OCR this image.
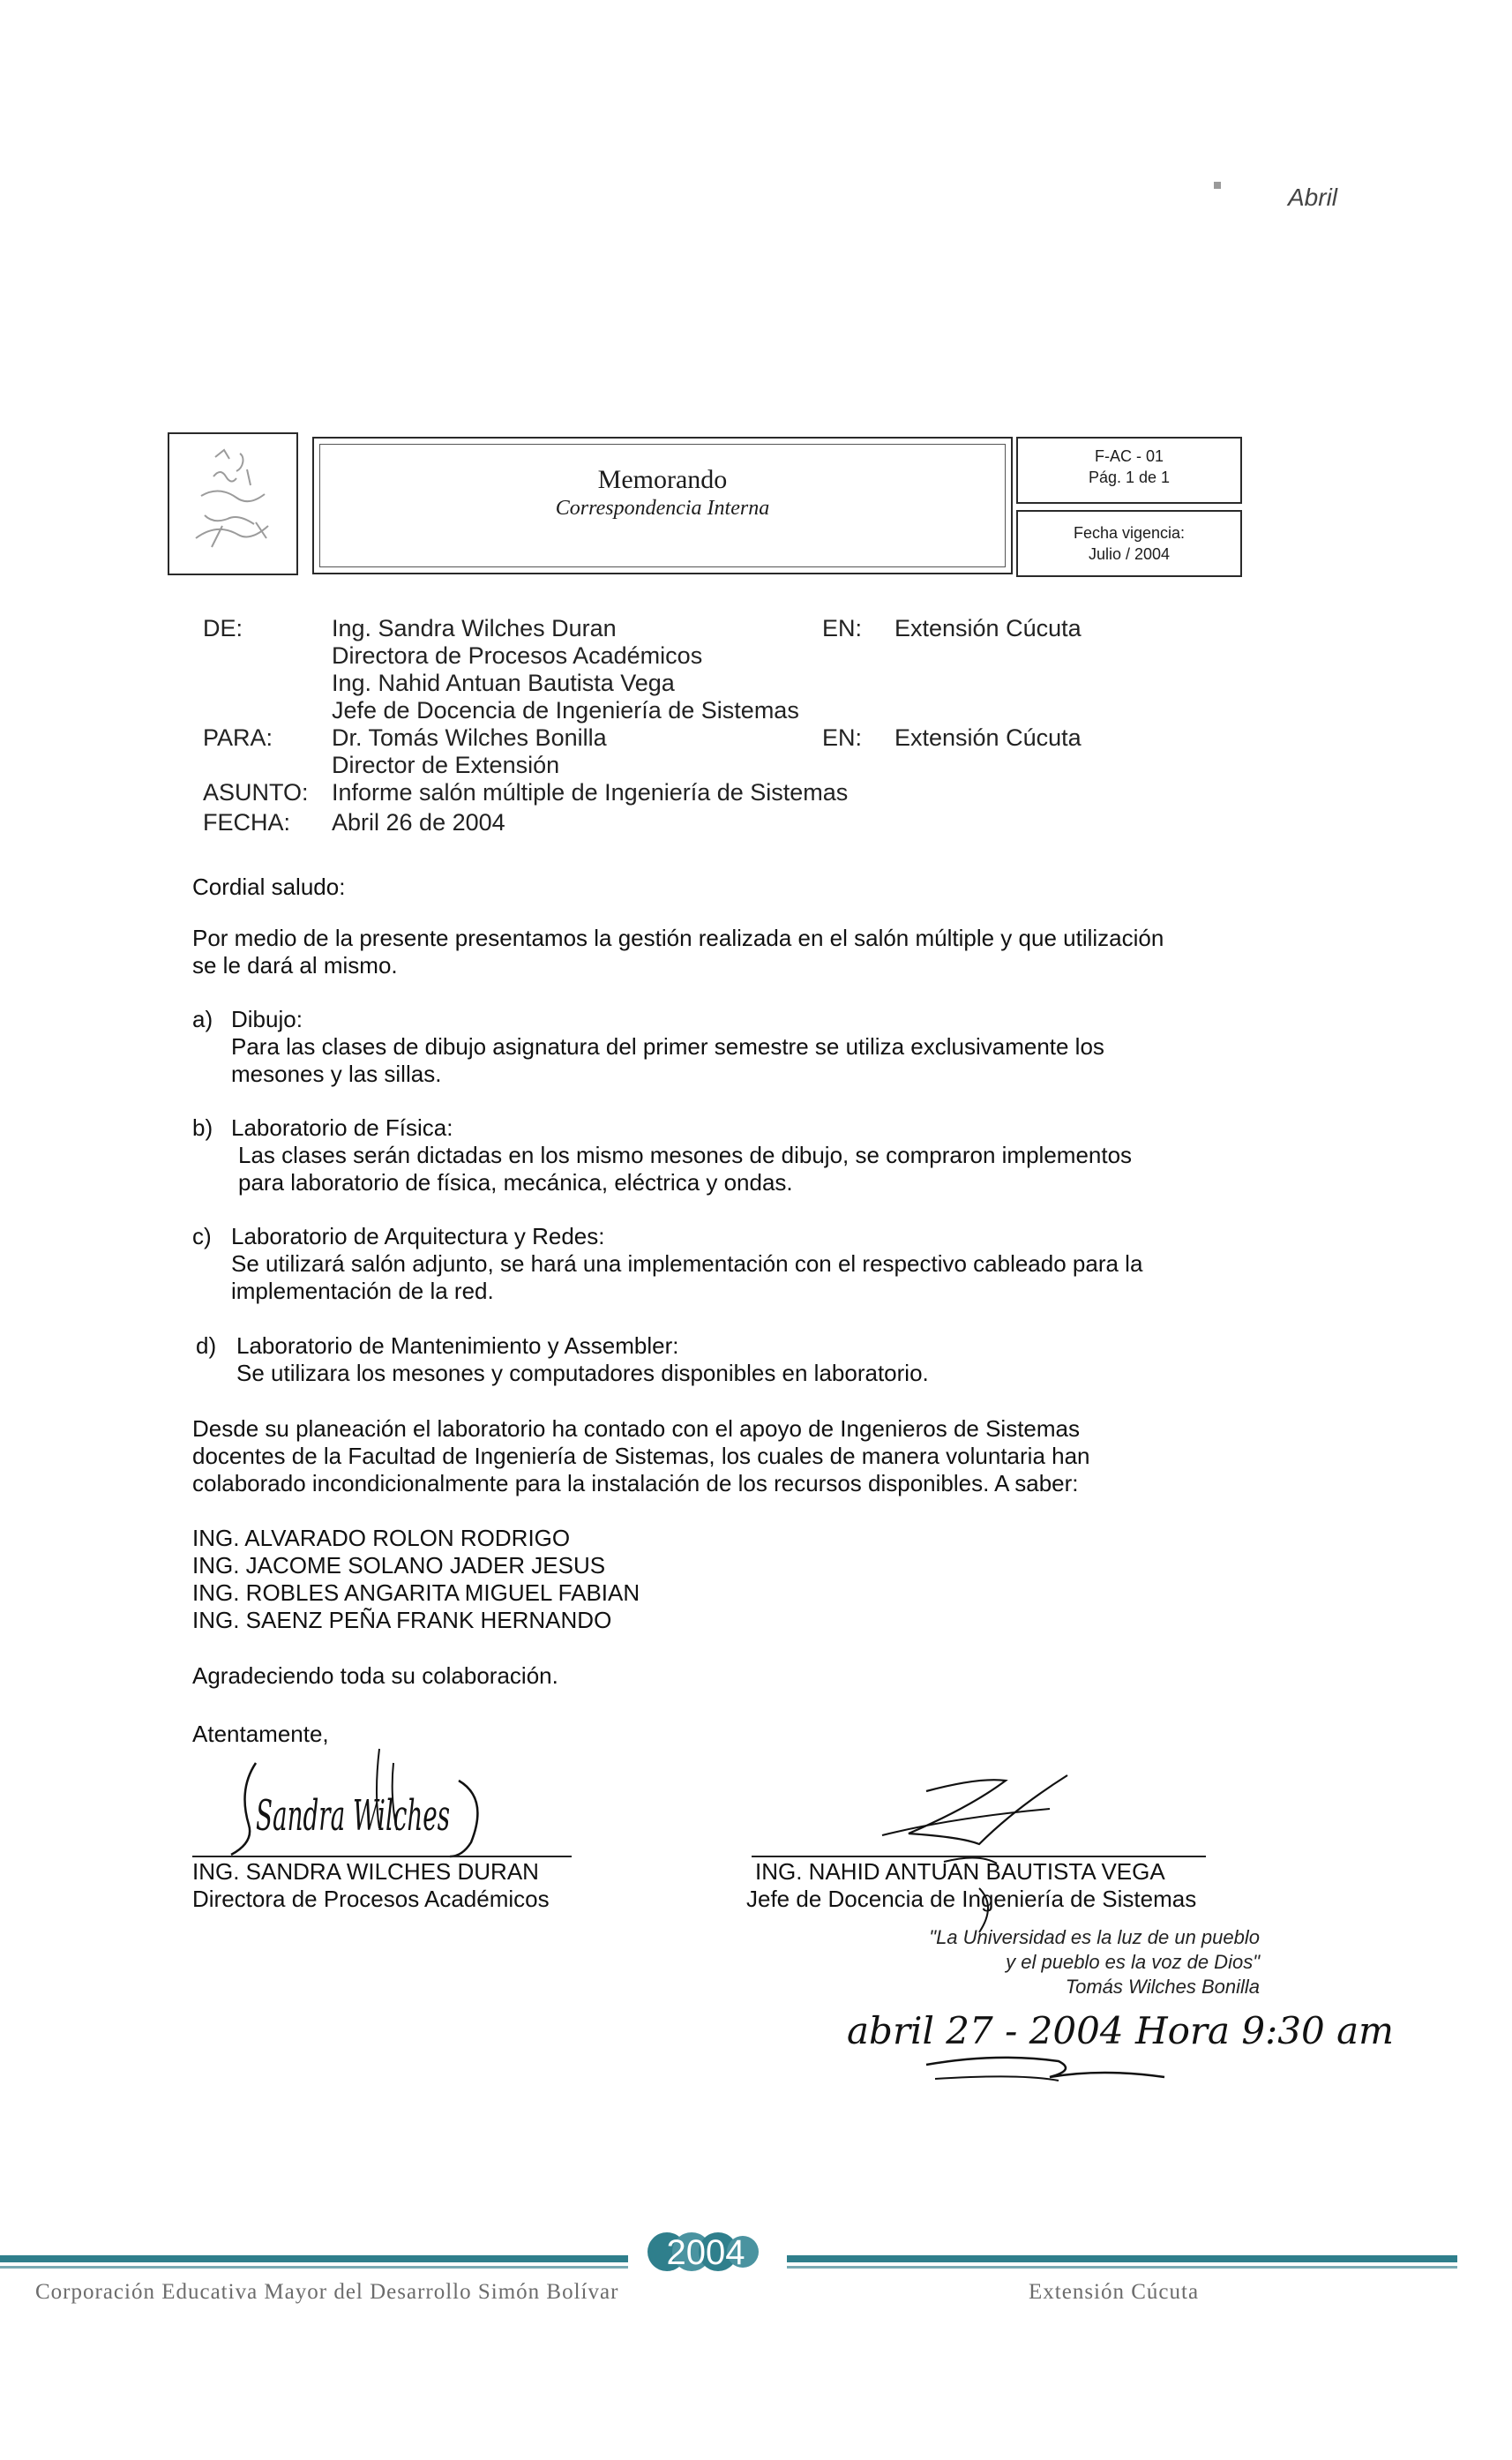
Abril
Memorando
Correspondencia Interna
F-AC - 01
Pág. 1 de 1
Fecha vigencia:
Julio / 2004
DE:	Ing. Sandra Wilches Duran
Directora de Procesos Académicos
Ing. Nahid Antuan Bautista Vega
Jefe de Docencia de Ingeniería de Sistemas
EN: Extensión Cúcuta
PARA: Dr. Tomás Wilches Bonilla
Director de Extensión
EN: Extensión Cúcuta
ASUNTO: Informe salón múltiple de Ingeniería de Sistemas
FECHA: Abril 26 de 2004
Cordial saludo:
Por medio de la presente presentamos la gestión realizada en el salón múltiple y que utilización
se le dará al mismo.
a) Dibujo:
Para las clases de dibujo asignatura del primer semestre se utiliza exclusivamente los
mesones y las sillas.
b) Laboratorio de Física:
Las clases serán dictadas en los mismo mesones de dibujo, se compraron implementos
para laboratorio de física, mecánica, eléctrica y ondas.
c) Laboratorio de Arquitectura y Redes:
Se utilizará salón adjunto, se hará una implementación con el respectivo cableado para la
implementación de la red.
d) Laboratorio de Mantenimiento y Assembler:
Se utilizara los mesones y computadores disponibles en laboratorio.
Desde su planeación el laboratorio ha contado con el apoyo de Ingenieros de Sistemas
docentes de la Facultad de Ingeniería de Sistemas, los cuales de manera voluntaria han
colaborado incondicionalmente para la instalación de los recursos disponibles. A saber:
ING. ALVARADO ROLON RODRIGO
ING. JACOME SOLANO JADER JESUS
ING. ROBLES ANGARITA MIGUEL FABIAN
ING. SAENZ PEÑA FRANK HERNANDO
Agradeciendo toda su colaboración.
Atentamente,
Sandra Wilches
ING. SANDRA WILCHES DURAN
Directora de Procesos Académicos
ING. NAHID ANTUAN BAUTISTA VEGA
Jefe de Docencia de Ingeniería de Sistemas
"La Universidad es la luz de un pueblo
y el pueblo es la voz de Dios"
Tomás Wilches Bonilla
abril 27 - 2004 Hora 9:30 am
2004
Corporación Educativa Mayor del Desarrollo Simón Bolívar	Extensión Cúcuta
